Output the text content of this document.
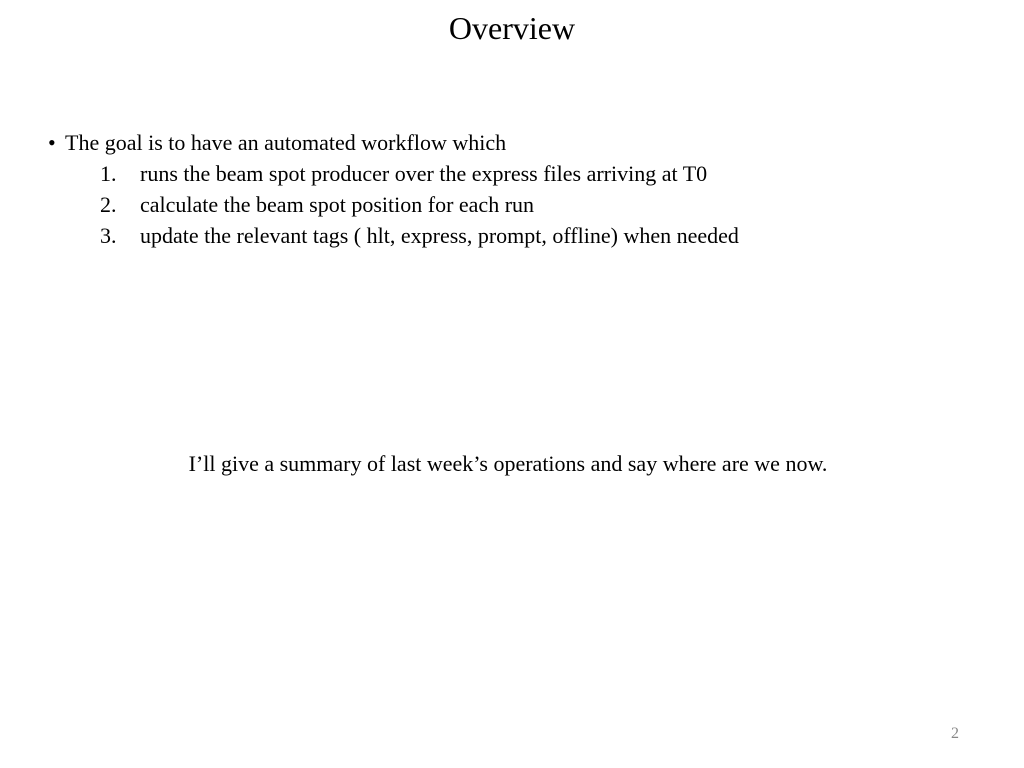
Overview
• The goal is to have an automated workflow which
1.	runs the beam spot producer over the express files arriving at T0
2.	calculate the beam spot position for each run
3.	update the relevant tags ( hlt, express, prompt, offline) when needed
I’ll give a summary of last week’s operations and say where are we now.
2
